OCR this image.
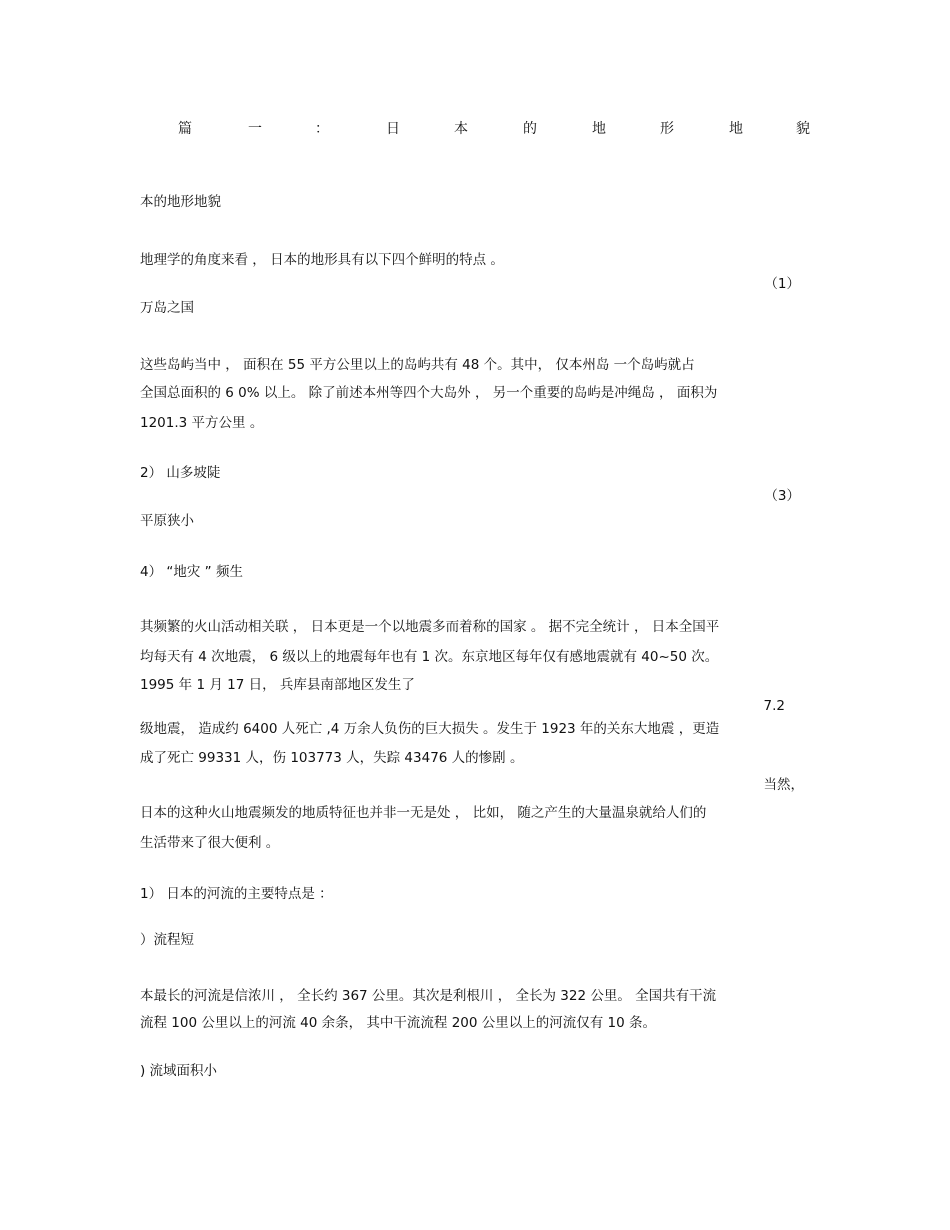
篇	一	：	日	本	的	地	形	地	貌
本的地形地貌
地理学的角度来看 ， 日本的地形具有以下四个鲜明的特点 。
（1）
万岛之国
这些岛屿当中 ， 面积在 55 平方公里以上的岛屿共有 48 个。其中， 仅本州岛 一个岛屿就占
全国总面积的 6 0% 以上。 除了前述本州等四个大岛外 ， 另一个重要的岛屿是冲绳岛 ， 面积为
1201.3 平方公里 。
2） 山多坡陡
（3）
平原狭小
4） “地灾 ” 频生
其频繁的火山活动相关联 ， 日本更是一个以地震多而着称的国家 。 据不完全统计 ， 日本全国平
均每天有 4 次地震， 6 级以上的地震每年也有 1 次。东京地区每年仅有感地震就有 40~50 次。
1995 年 1 月 17 日， 兵库县南部地区发生了
7.2
级地震， 造成约 6400 人死亡 ,4 万余人负伤的巨大损失 。发生于 1923 年的关东大地震 ，更造
成了死亡 99331 人，伤 103773 人，失踪 43476 人的惨剧 。
当然，
日本的这种火山地震频发的地质特征也并非一无是处 ， 比如， 随之产生的大量温泉就给人们的
生活带来了很大便利 。
1） 日本的河流的主要特点是 ：
）流程短
本最长的河流是信浓川 ， 全长约 367 公里。其次是利根川 ， 全长为 322 公里。 全国共有干流
流程 100 公里以上的河流 40 余条， 其中干流流程 200 公里以上的河流仅有 10 条。
) 流域面积小
